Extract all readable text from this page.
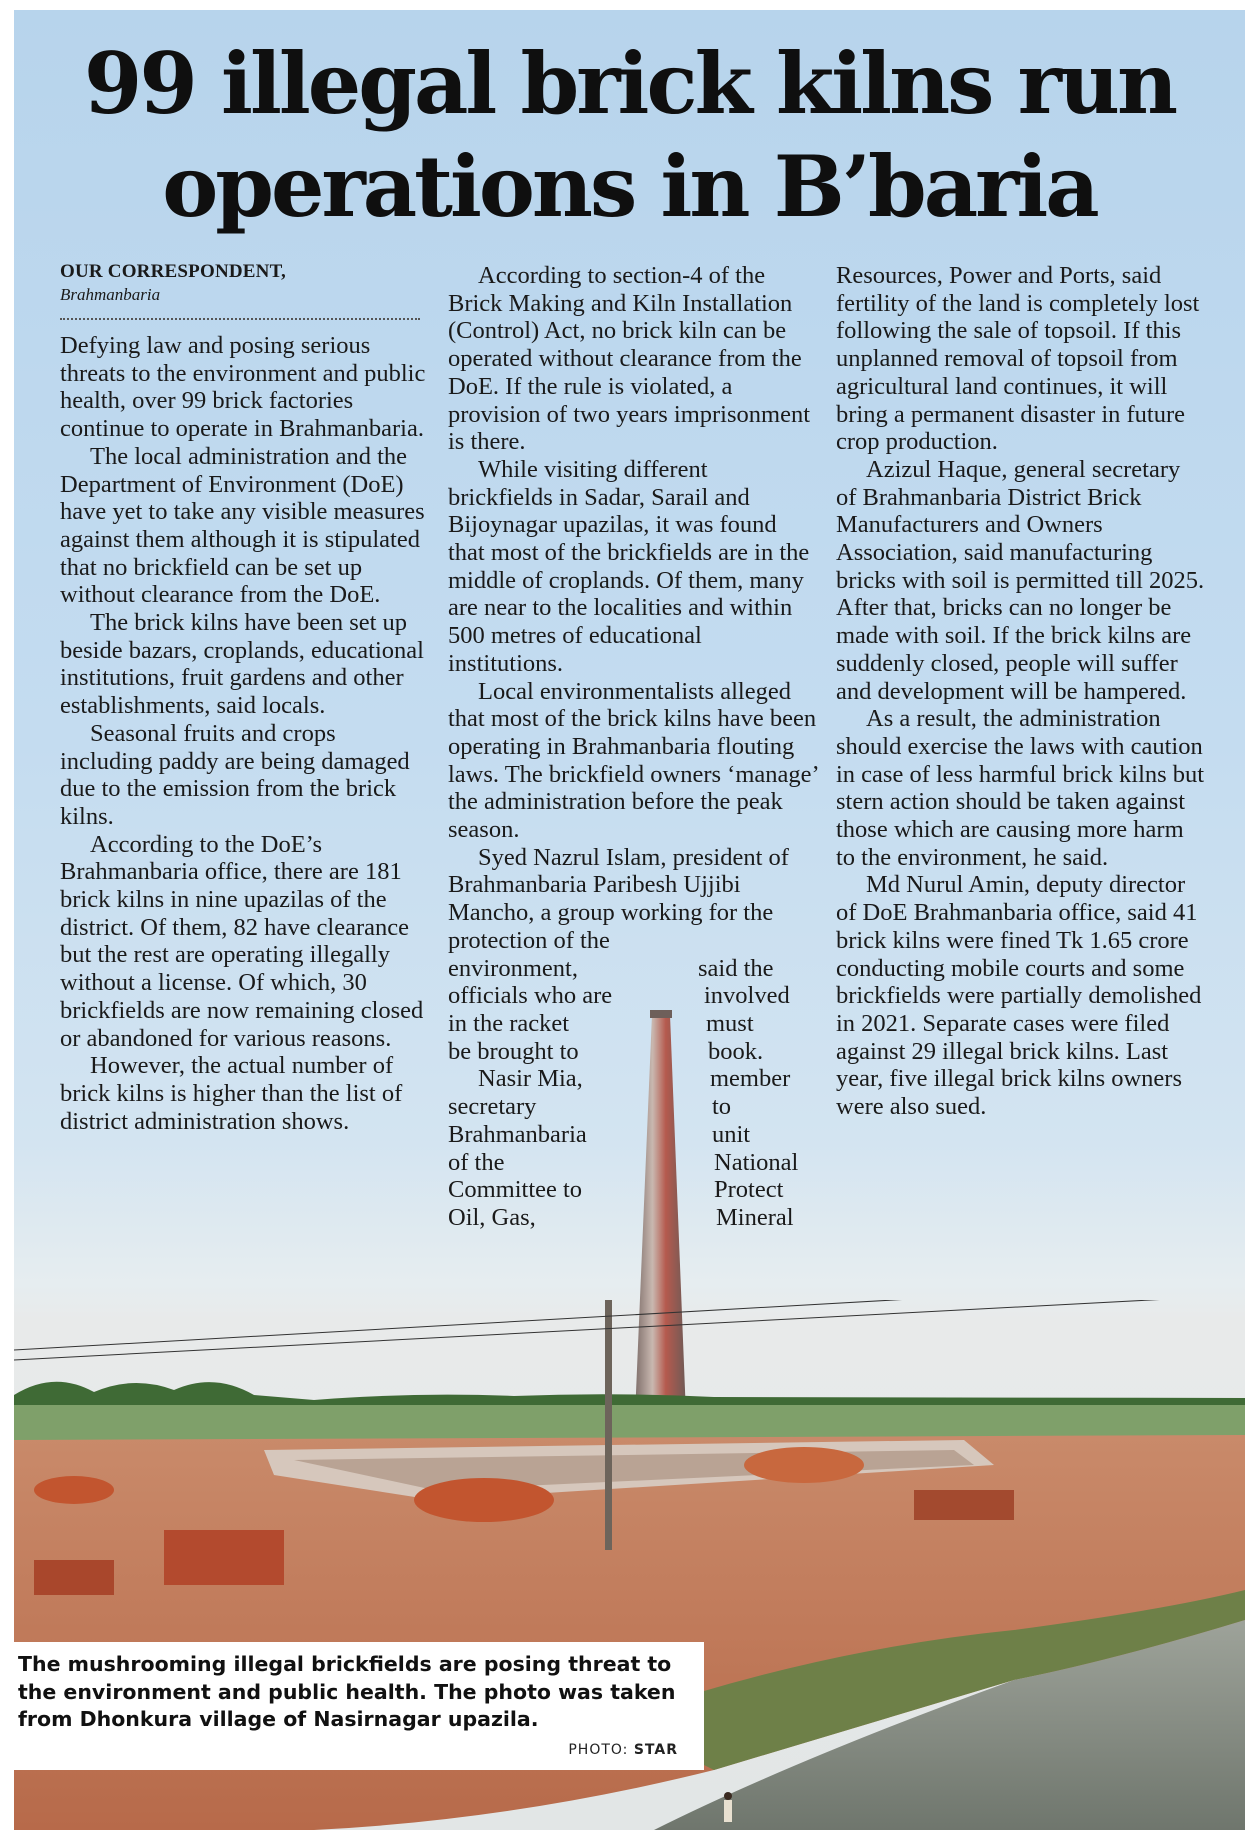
99 illegal brick kilns run
operations in B’baria
OUR CORRESPONDENT,
Brahmanbaria

Defying law and posing serious threats to the environment and public health, over 99 brick factories continue to operate in Brahmanbaria.

The local administration and the Department of Environment (DoE) have yet to take any visible measures against them although it is stipulated that no brickfield can be set up without clearance from the DoE.

The brick kilns have been set up beside bazars, croplands, educational institutions, fruit gardens and other establishments, said locals.

Seasonal fruits and crops including paddy are being damaged due to the emission from the brick kilns.

According to the DoE’s Brahmanbaria office, there are 181 brick kilns in nine upazilas of the district. Of them, 82 have clearance but the rest are operating illegally without a license. Of which, 30 brickfields are now remaining closed or abandoned for various reasons.

However, the actual number of brick kilns is higher than the list of district administration shows.

According to section-4 of the Brick Making and Kiln Installation (Control) Act, no brick kiln can be operated without clearance from the DoE. If the rule is violated, a provision of two years imprisonment is there.

While visiting different brickfields in Sadar, Sarail and Bijoynagar upazilas, it was found that most of the brickfields are in the middle of croplands. Of them, many are near to the localities and within 500 metres of educational institutions.

Local environmentalists alleged that most of the brick kilns have been operating in Brahmanbaria flouting laws. The brickfield owners ‘manage’ the administration before the peak season.

Syed Nazrul Islam, president of Brahmanbaria Paribesh Ujjibi Mancho, a group working for the protection of the

environment,
officials who are
in the racket
be brought to
Nasir Mia,
secretary
Brahmanbaria
of the
Committee to
Oil, Gas,
said the
involved
must
book.
member
to
unit
National
Protect
Mineral

Resources, Power and Ports, said fertility of the land is completely lost following the sale of topsoil. If this unplanned removal of topsoil from agricultural land continues, it will bring a permanent disaster in future crop production.

Azizul Haque, general secretary of Brahmanbaria District Brick Manufacturers and Owners Association, said manufacturing bricks with soil is permitted till 2025. After that, bricks can no longer be made with soil. If the brick kilns are suddenly closed, people will suffer and development will be hampered.

As a result, the administration should exercise the laws with caution in case of less harmful brick kilns but stern action should be taken against those which are causing more harm to the environment, he said.

Md Nurul Amin, deputy director of DoE Brahmanbaria office, said 41 brick kilns were fined Tk 1.65 crore conducting mobile courts and some brickfields were partially demolished in 2021. Separate cases were filed against 29 illegal brick kilns. Last year, five illegal brick kilns owners were also sued.

The mushrooming illegal brickfields are posing threat to the environment and public health. The photo was taken from Dhonkura village of Nasirnagar upazila.

PHOTO: STAR
